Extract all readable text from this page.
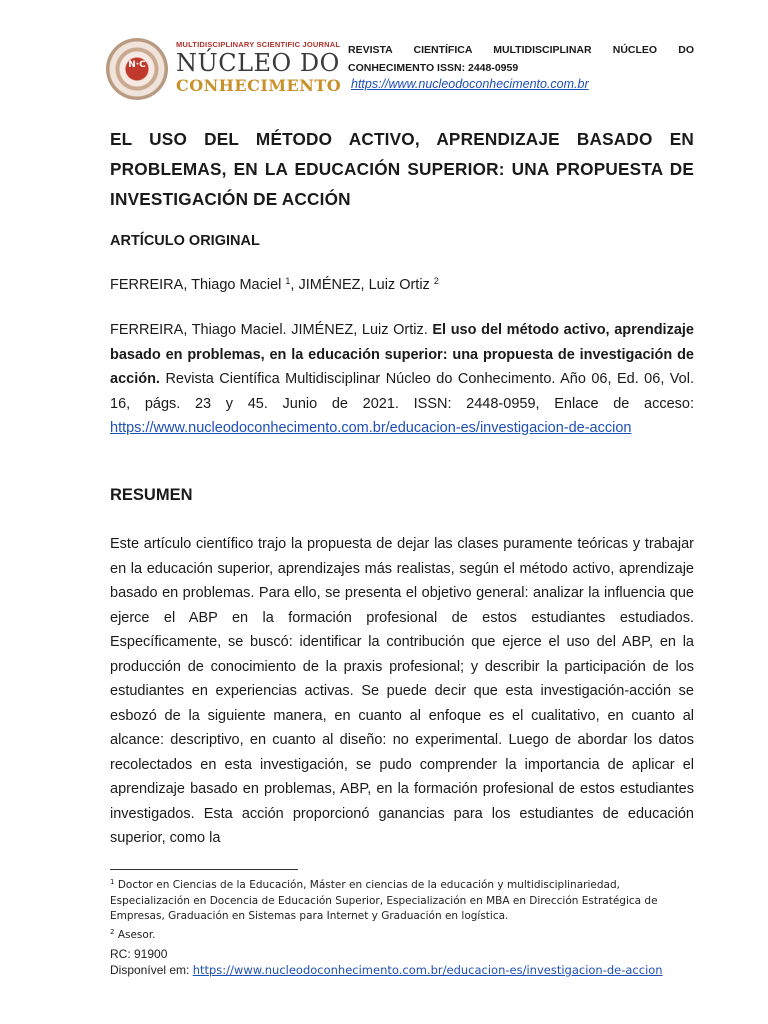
N·C
MULTIDISCIPLINARY SCIENTIFIC JOURNAL
NÚCLEO DO
CONHECIMENTO
REVISTA CIENTÍFICA MULTIDISCIPLINAR NÚCLEO DO
CONHECIMENTO ISSN: 2448-0959
https://www.nucleodoconhecimento.com.br
EL USO DEL MÉTODO ACTIVO, APRENDIZAJE BASADO EN PROBLEMAS, EN LA EDUCACIÓN SUPERIOR: UNA PROPUESTA DE INVESTIGACIÓN DE ACCIÓN
ARTÍCULO ORIGINAL
FERREIRA, Thiago Maciel $^1$, JIMÉNEZ, Luiz Ortiz $^2$
FERREIRA, Thiago Maciel. JIMÉNEZ, Luiz Ortiz. El uso del método activo, aprendizaje basado en problemas, en la educación superior: una propuesta de investigación de acción. Revista Científica Multidisciplinar Núcleo do Conhecimento. Año 06, Ed. 06, Vol. 16, págs. 23 y 45. Junio de 2021. ISSN: 2448-0959, Enlace de acceso: https://www.nucleodoconhecimento.com.br/educacion-es/investigacion-de-accion
RESUMEN
Este artículo científico trajo la propuesta de dejar las clases puramente teóricas y trabajar en la educación superior, aprendizajes más realistas, según el método activo, aprendizaje basado en problemas. Para ello, se presenta el objetivo general: analizar la influencia que ejerce el ABP en la formación profesional de estos estudiantes estudiados. Específicamente, se buscó: identificar la contribución que ejerce el uso del ABP, en la producción de conocimiento de la praxis profesional; y describir la participación de los estudiantes en experiencias activas. Se puede decir que esta investigación-acción se esbozó de la siguiente manera, en cuanto al enfoque es el cualitativo, en cuanto al alcance: descriptivo, en cuanto al diseño: no experimental. Luego de abordar los datos recolectados en esta investigación, se pudo comprender la importancia de aplicar el aprendizaje basado en problemas, ABP, en la formación profesional de estos estudiantes investigados. Esta acción proporcionó ganancias para los estudiantes de educación superior, como la
$^1$ Doctor en Ciencias de la Educación, Máster en ciencias de la educación y multidisciplinariedad, Especialización en Docencia de Educación Superior, Especialización en MBA en Dirección Estratégica de Empresas, Graduación en Sistemas para Internet y Graduación en logística.
$^2$ Asesor.
RC: 91900
Disponível em: https://www.nucleodoconhecimento.com.br/educacion-es/investigacion-de-accion
